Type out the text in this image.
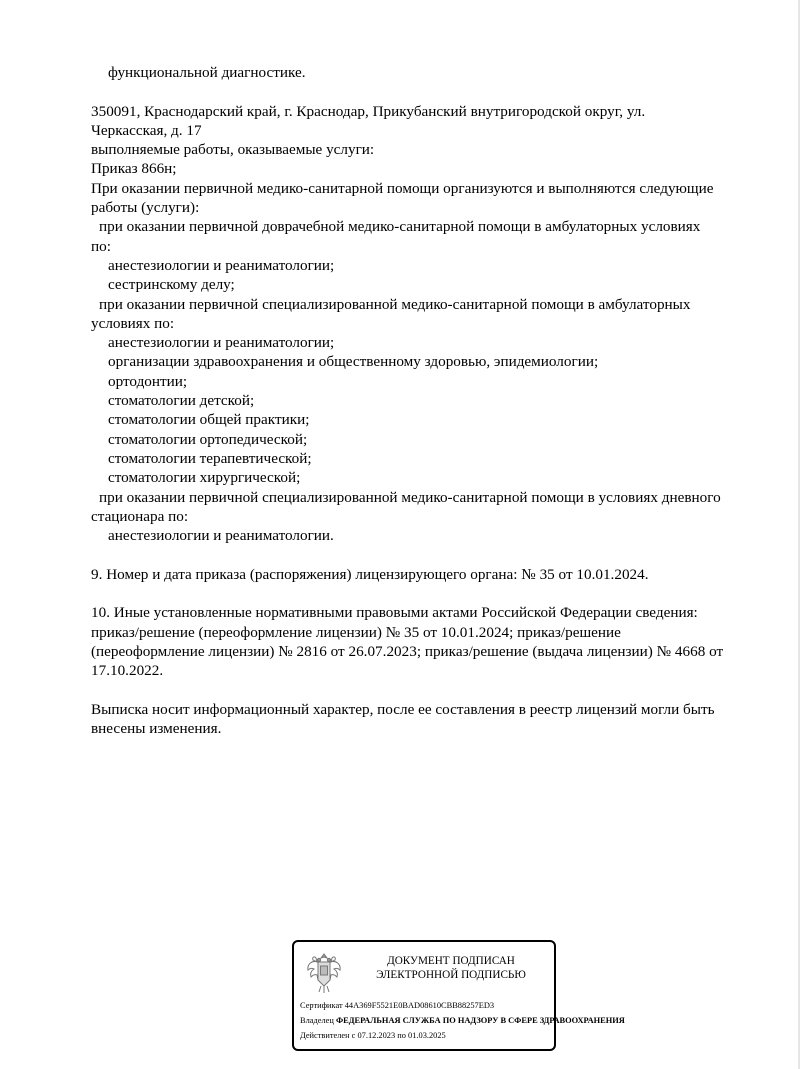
функциональной диагностике.
350091, Краснодарский край, г. Краснодар, Прикубанский внутригородской округ, ул.
Черкасская, д. 17
выполняемые работы, оказываемые услуги:
Приказ 866н;
При оказании первичной медико-санитарной помощи организуются и выполняются следующие
работы (услуги):
при оказании первичной доврачебной медико-санитарной помощи в амбулаторных условиях
по:
анестезиологии и реаниматологии;
сестринскому делу;
при оказании первичной специализированной медико-санитарной помощи в амбулаторных
условиях по:
анестезиологии и реаниматологии;
организации здравоохранения и общественному здоровью, эпидемиологии;
ортодонтии;
стоматологии детской;
стоматологии общей практики;
стоматологии ортопедической;
стоматологии терапевтической;
стоматологии хирургической;
при оказании первичной специализированной медико-санитарной помощи в условиях дневного
стационара по:
анестезиологии и реаниматологии.
9. Номер и дата приказа (распоряжения) лицензирующего органа: № 35 от 10.01.2024.
10. Иные установленные нормативными правовыми актами Российской Федерации сведения:
приказ/решение (переоформление лицензии) № 35 от 10.01.2024; приказ/решение
(переоформление лицензии) № 2816 от 26.07.2023; приказ/решение (выдача лицензии) № 4668 от
17.10.2022.
Выписка носит информационный характер, после ее составления в реестр лицензий могли быть
внесены изменения.
ДОКУМЕНТ ПОДПИСАН
ЭЛЕКТРОННОЙ ПОДПИСЬЮ
Сертификат 44A369F5521E0BAD08610CBB88257ED3
Владелец ФЕДЕРАЛЬНАЯ СЛУЖБА ПО НАДЗОРУ В СФЕРЕ ЗДРАВООХРАНЕНИЯ
Действителен с 07.12.2023 по 01.03.2025
